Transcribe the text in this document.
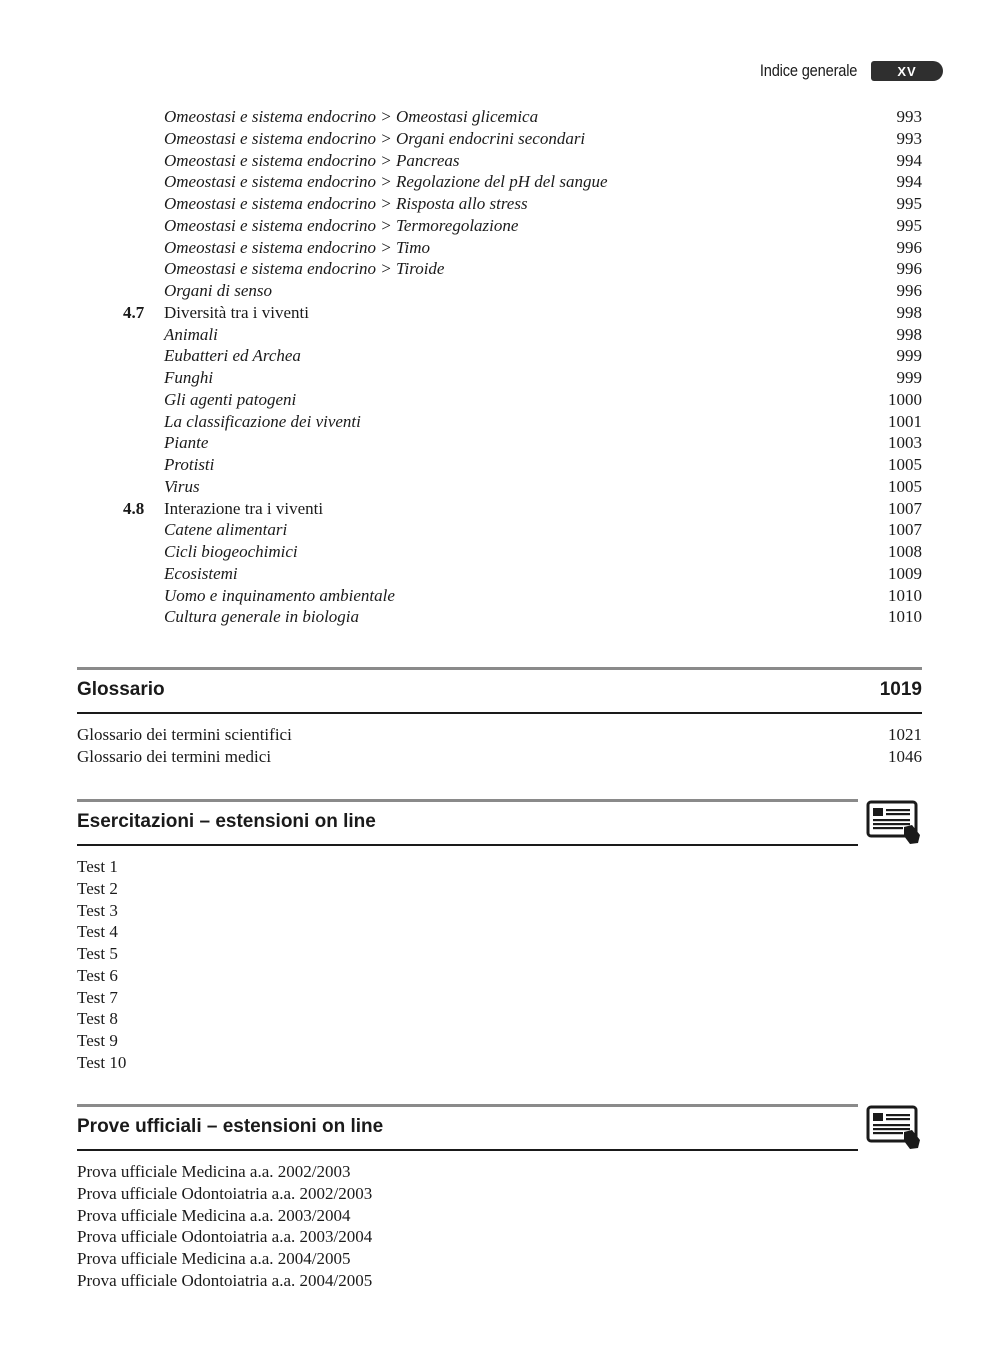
Indice generale	XV
Omeostasi e sistema endocrino > Omeostasi glicemica	993
Omeostasi e sistema endocrino > Organi endocrini secondari	993
Omeostasi e sistema endocrino > Pancreas	994
Omeostasi e sistema endocrino > Regolazione del pH del sangue	994
Omeostasi e sistema endocrino > Risposta allo stress	995
Omeostasi e sistema endocrino > Termoregolazione	995
Omeostasi e sistema endocrino > Timo	996
Omeostasi e sistema endocrino > Tiroide	996
Organi di senso	996
4.7 Diversità tra i viventi	998
Animali	998
Eubatteri ed Archea	999
Funghi	999
Gli agenti patogeni	1000
La classificazione dei viventi	1001
Piante	1003
Protisti	1005
Virus	1005
4.8 Interazione tra i viventi	1007
Catene alimentari	1007
Cicli biogeochimici	1008
Ecosistemi	1009
Uomo e inquinamento ambientale	1010
Cultura generale in biologia	1010
Glossario	1019
Glossario dei termini scientifici	1021
Glossario dei termini medici	1046
Esercitazioni – estensioni on line
Test 1
Test 2
Test 3
Test 4
Test 5
Test 6
Test 7
Test 8
Test 9
Test 10
Prove ufficiali – estensioni on line
Prova ufficiale Medicina a.a. 2002/2003
Prova ufficiale Odontoiatria a.a. 2002/2003
Prova ufficiale Medicina a.a. 2003/2004
Prova ufficiale Odontoiatria a.a. 2003/2004
Prova ufficiale Medicina a.a. 2004/2005
Prova ufficiale Odontoiatria a.a. 2004/2005
